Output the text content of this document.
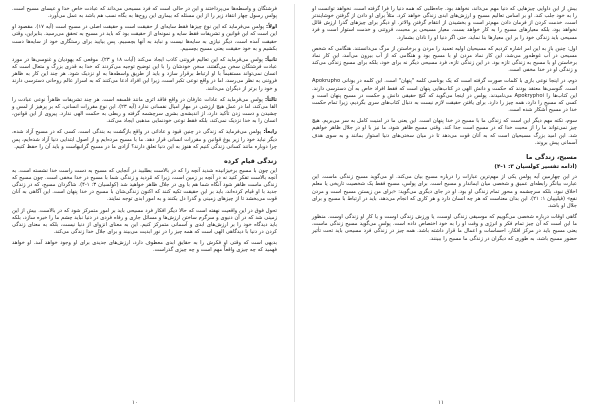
فرشتگان و واسطه‌ها می‌پرداختند و این در حالی است که فرد مسیحی می‌داند که عبادت خاص خدا و عیسای مسیح است. پولس رسول چهار انتقاد زیر را از این مسئله که بیماری این روح‌ها به بگاه نسب هم باشد به عمل می‌آورد.

اولاً: پولس می‌فرماید که این نوع چیزها فقط سایه‌ای از حقیقت است و حقیقت اصلی در مسیح است (آیه ۱۷). مقصود او این است که این قوانین و تشریفات فقط سایه و نمونه‌ای از حقیقت بود که باید در مسیح به تحقق می‌رسید. بنابراین، وقتی حقیقت آمده است، دیگر نیازی به سایه‌ها نیست و نباید به آنها بچسبیم. پس بیایید برای رستگاری خود از سایه‌ها دست بکشیم و به خود حقیقت یعنی مسیح بچسبیم.

ثانیاً: پولس می‌فرماید که این تعالیم فروتنی کاذب ایجاد می‌کند (آیات ۱۸ و ۲۳). موقعی که یهودیان و غنوسی‌ها در مورد عبادت فرشتگان سخن می‌گفتند، سخن خودشان را با این توضیح توجیه می‌کردند که خدا به قدری بزرگ و متعال است که انسان نمی‌تواند مستقیماً با او ارتباط برقرار سازد و باید از طریق واسطه‌ها به او نزدیک شود. هر چند این کار به ظاهر فروتنی به نظر می‌رسد، اما در واقع نوعی تکبر است، زیرا این افراد ادعا می‌کنند که به اسرار عالم روحانی دسترسی دارند و خود را برتر از دیگران می‌دانند.

ثالثاً: پولس می‌فرماید که عادات عارفان در واقع فاقد اثری مانند فلسفه است. هر چند تشریفات ظاهراً نوعی عبادت را القا می‌کند، اما در عمل هیچ ارزشی در مهار امیال نفسانی ندارد (آیه ۲۳). این نوع مقررات انسانی، که بر پرهیز از لمس و چشیدن و دست زدن تأکید دارد، از اندیشه‌ی بشری سرچشمه گرفته و ربطی به حکمت الهی ندارد. پیروی از این قوانین، انسان را به خدا نزدیک نمی‌کند، بلکه فقط نوعی خودنمایی مذهبی ایجاد می‌کند.

رابعاً: پولس می‌فرماید که زندگی در چنین قیود و عاداتی در واقع بازگشت به بندگی است. کسی که در مسیح آزاد شده، دیگر نباید خود را زیر یوغ قوانین و مقررات انسانی قرار دهد. ما با مسیح مرده‌ایم و از اصول ابتدایی دنیا آزاد شده‌ایم، پس چرا دوباره مانند کسانی زندگی کنیم که هنوز به این دنیا تعلق دارند؟ آزادی ما در مسیح گرانبهاست و باید آن را حفظ کنیم.

زندگی قیام کرده

این چون با مسیح برخیزانیده شدید آنچه را که در بالاست بطلبید در آنجایی که مسیح به دست راست خدا نشسته است. به آنچه بالاست تفکر کنید نه در آنچه بر زمین است، زیرا که مُردید و زندگی شما با مسیح در خدا مخفی است. چون مسیح که زندگی ماست ظاهر شود آنگاه شما هم با وی در جلال ظاهر خواهید شد (کولسیان ۳: ۱-۴). شاگردان مسیح، که در زندگی جدید با او قیام کرده‌اند، باید بر این حقیقت تکیه کنند که اکنون زندگی‌شان با مسیح در خدا پنهان است. این آگاهی به آنان قوت می‌بخشد تا از چیزهای زمینی و گذرا دل بکنند و به امور ابدی توجه نمایند.

تحول فوق در این واقعیت نهفته است که حالا دیگر افکار فرد مسیحی باید بر امور متمرکز شود که در بالاست. بیش از این زمینی شد که در آن دنیوی و سرگرم ساختن ارزش‌ها و مسائل جاری و رفاه فردی در دنیا نباید چشم ما را خیره سازد، بلکه باید دیدگاه خود را بر ارزش‌های ابدی و آسمانی متمرکز کنیم. این به معنای انزوای از دنیا نیست، بلکه به معنای زندگی کردن در دنیا با دیدگاهی الهی است که همه چیز را در نور ابدیت می‌بیند و برای جلال خدا زندگی می‌کند.

بدیهی است که وقتی او فکرش را به حقایق ابدی معطوف دارد، ارزش‌های جدیدی برای او وجود خواهد آمد. او خواهد فهمید که چه چیزی واقعاً مهم است و چه چیزی گذراست.

۱۰

بیش از این داوایی چیزهایی که دنیا مهم می‌داند، نخواهد بود. جاه‌طلبی که همه دنیا را فرا گرفته است، نخواهد توانست او را به خود جلب کند. او بر اساس تعالیم مسیح و ارزش‌های ابدی زندگی خواهد کرد. مثلاً برای او دادن از گرفتن خوشایندتر است، خدمت کردن از فرمان دادن مهم‌تر است و بخشیدن از انتقام گرفتن والاتر. او دیگر برای چیزهای گذرا ارزش قائل نخواهد بود، بلکه معیارهای مسیح را به کار خواهد بست. معیار مسیحی بر محبت، فروتنی و خدمت استوار است و فرد مسیحی باید زندگی خود را بر این معیارها بنا نماید، حتی اگر دنیا او را نادان بشمارد.

اول: چنین باز به این امر اشاره کردیم که مسیحیان اولیه تعمید را مردن و برخاستن از مرگ می‌دانستند. هنگامی که شخص مسیحی در آب غوطه‌ور می‌شد، این کار نماد مردن او با مسیح بود و هنگامی که از آب بیرون می‌آمد، این کار نماد برخاستن او با مسیح به زندگی تازه بود. در این زندگی تازه، فرد مسیحی دیگر نه برای خود، بلکه برای مسیح زندگی می‌کند و زندگی او در خدا مخفی است.

دوم، در اینجا نوعی بازی با کلمات صورت گرفته است که یک بوناسی کلمه "پنهان" است. این کلمه در یونانی Apokrupho است. گنوسی‌ها معتقد بودند که حکمت و دانش الهی در کتاب‌هایی پنهان است که فقط افراد خاص به آن دسترسی دارند. این کتاب‌ها را Apokryphoi می‌نامیدند. پولس در اینجا می‌گوید که گنج حقیقی دانش و حکمت در مسیح پنهان است و کسی که مسیح را دارد، همه چیز را دارد. برای یافتن حقیقت لازم نیست به دنبال کتاب‌های سری بگردیم، زیرا تمام حکمت خدا در مسیح آشکار شده است.

سوم، نکته مهم دیگر این است که زندگی ما با مسیح در خدا پنهان است. این یعنی ما در امنیت کامل به سر می‌بریم. هیچ چیز نمی‌تواند ما را از محبت خدا که در مسیح است جدا کند. وقتی مسیح ظاهر شود، ما نیز با او در جلال ظاهر خواهیم شد. این امید بزرگ مسیحیان است که به آنان قوت می‌دهد تا در میان سختی‌های دنیا استوار بمانند و به سوی هدف آسمانی پیش بروند.

مسیح، زندگی ما
(ادامه تفسیر کولسیان ۳: ۱-۴)

در این چهارمین آیه پولس یکی از مهم‌ترین عبارات را درباره مسیح بیان می‌کند. او می‌گوید مسیح زندگی ماست. این عبارت بیانگر رابطه‌ای عمیق و شخصی میان ایماندار و مسیح است. برای پولس، مسیح فقط یک شخصیت تاریخی یا معلم اخلاق نبود، بلکه سرچشمه و محور تمام زندگی او بود. او در جای دیگری می‌گوید: «برای من زیستن مسیح است و مردن نفع» (فیلیپیان ۱: ۲۱). این بدان معناست که هر چه انسان دارد و هر کاری که انجام می‌دهد، باید در ارتباط با مسیح و برای جلال او باشد.

گاهی اوقات درباره شخصی می‌گوییم که موسیقی زندگی اوست، یا ورزش زندگی اوست و یا کار او زندگی اوست. منظور ما این است که آن چیز تمام فکر و انرژی و وقت او را به خود اختصاص داده است. پولس می‌گوید مسیح زندگی ماست، یعنی مسیح باید در مرکز افکار، احساسات و اعمال ما قرار داشته باشد. همه چیز در زندگی فرد مسیحی باید تحت تأثیر حضور مسیح باشد، به طوری که دیگران در زندگی ما مسیح را ببینند.

۱۱
